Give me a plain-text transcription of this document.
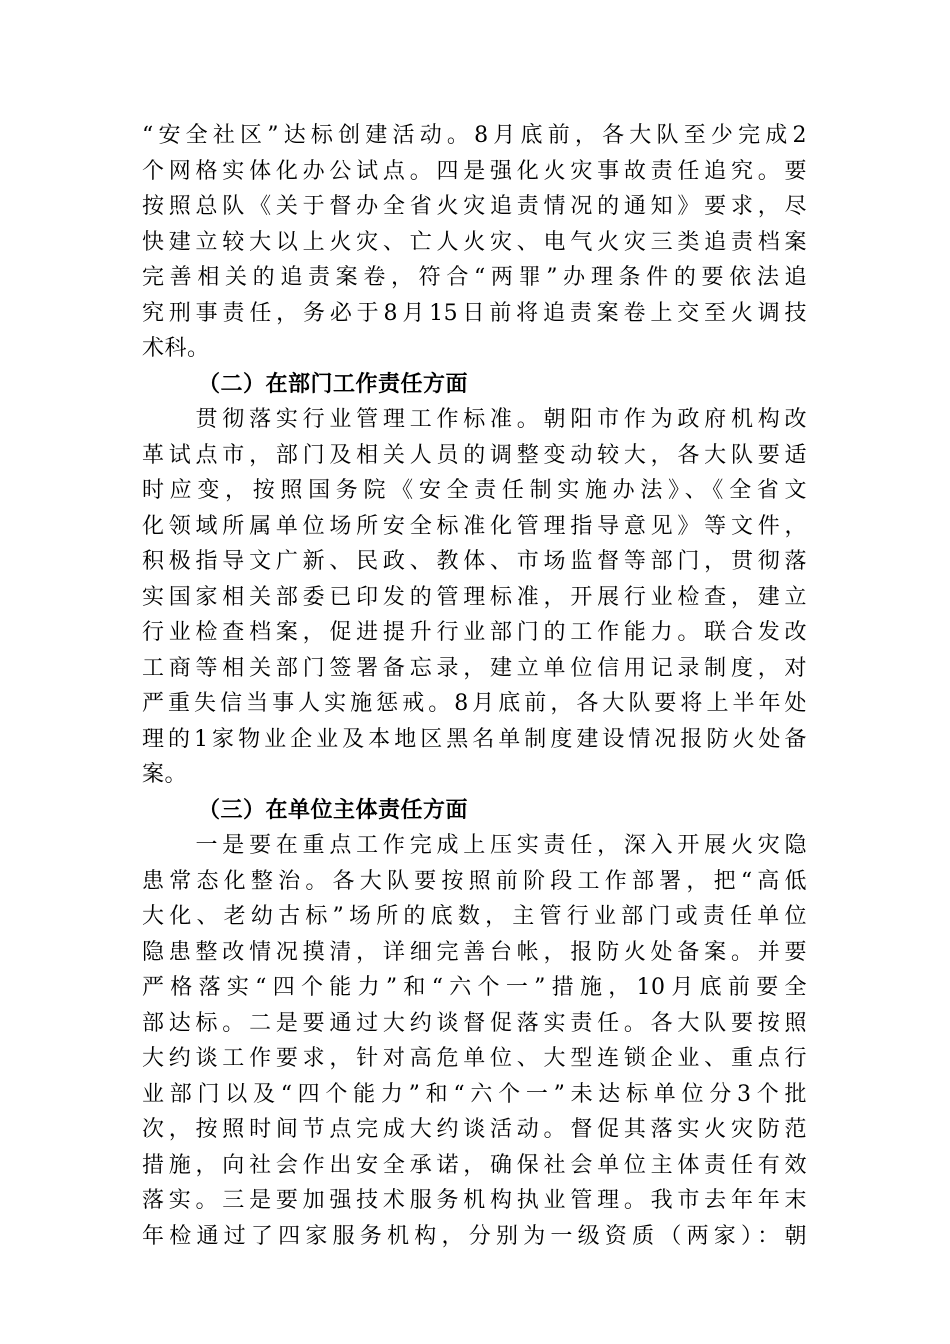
“安全社区”达标创建活动。8月底前，各大队至少完成2
个网格实体化办公试点。四是强化火灾事故责任追究。要
按照总队《关于督办全省火灾追责情况的通知》要求，尽
快建立较大以上火灾、亡人火灾、电气火灾三类追责档案
完善相关的追责案卷，符合“两罪”办理条件的要依法追
究刑事责任，务必于8月15日前将追责案卷上交至火调技
术科。
（二）在部门工作责任方面
　　贯彻落实行业管理工作标准。朝阳市作为政府机构改
革试点市，部门及相关人员的调整变动较大，各大队要适
时应变，按照国务院《安全责任制实施办法》、《全省文
化领域所属单位场所安全标准化管理指导意见》等文件，
积极指导文广新、民政、教体、市场监督等部门，贯彻落
实国家相关部委已印发的管理标准，开展行业检查，建立
行业检查档案，促进提升行业部门的工作能力。联合发改
工商等相关部门签署备忘录，建立单位信用记录制度，对
严重失信当事人实施惩戒。8月底前，各大队要将上半年处
理的1家物业企业及本地区黑名单制度建设情况报防火处备
案。
（三）在单位主体责任方面
　　一是要在重点工作完成上压实责任，深入开展火灾隐
患常态化整治。各大队要按照前阶段工作部署，把“高低
大化、老幼古标”场所的底数，主管行业部门或责任单位
隐患整改情况摸清，详细完善台帐，报防火处备案。并要
严格落实“四个能力”和“六个一”措施，10月底前要全
部达标。二是要通过大约谈督促落实责任。各大队要按照
大约谈工作要求，针对高危单位、大型连锁企业、重点行
业部门以及“四个能力”和“六个一”未达标单位分3个批
次，按照时间节点完成大约谈活动。督促其落实火灾防范
措施，向社会作出安全承诺，确保社会单位主体责任有效
落实。三是要加强技术服务机构执业管理。我市去年年末
年检通过了四家服务机构，分别为一级资质（两家）：朝
